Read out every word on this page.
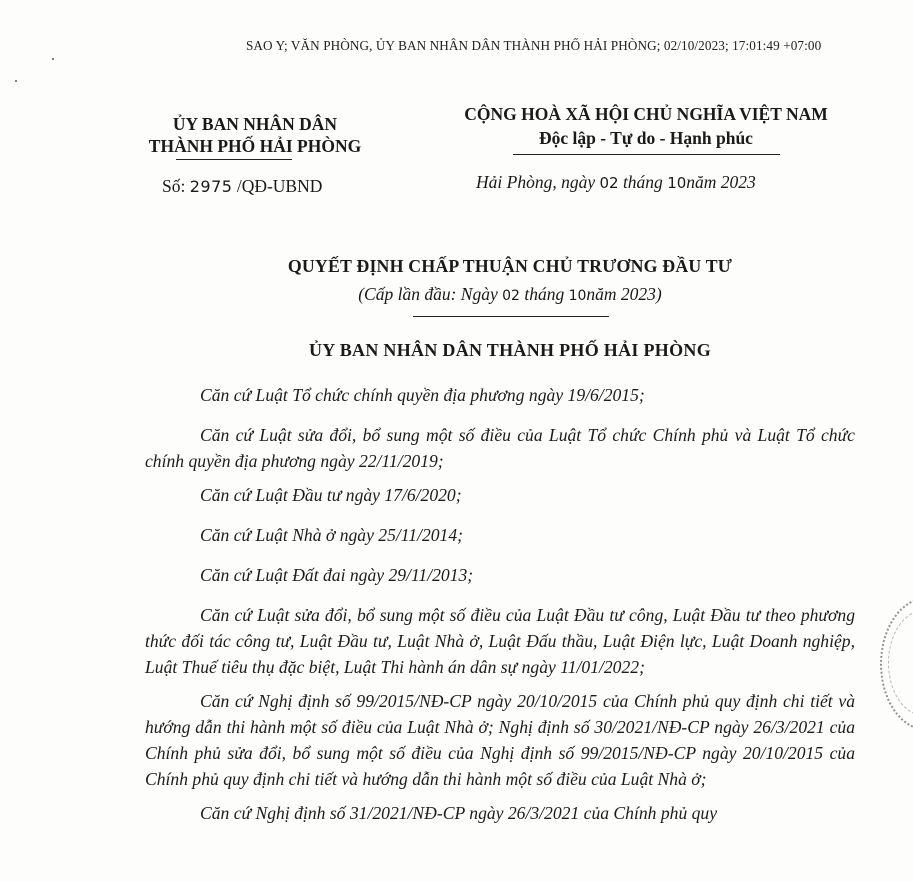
SAO Y; VĂN PHÒNG, ỦY BAN NHÂN DÂN THÀNH PHỐ HẢI PHÒNG; 02/10/2023; 17:01:49 +07:00
ỦY BAN NHÂN DÂN
THÀNH PHỐ HẢI PHÒNG
CỘNG HOÀ XÃ HỘI CHỦ NGHĨA VIỆT NAM
Độc lập - Tự do - Hạnh phúc
Số: 2975 /QĐ-UBND	Hải Phòng, ngày 02 tháng 10năm 2023
QUYẾT ĐỊNH CHẤP THUẬN CHỦ TRƯƠNG ĐẦU TƯ
(Cấp lần đầu: Ngày 02 tháng 10năm 2023)
ỦY BAN NHÂN DÂN THÀNH PHỐ HẢI PHÒNG

Căn cứ Luật Tổ chức chính quyền địa phương ngày 19/6/2015;

Căn cứ Luật sửa đổi, bổ sung một số điều của Luật Tổ chức Chính phủ và Luật Tổ chức chính quyền địa phương ngày 22/11/2019;

Căn cứ Luật Đầu tư ngày 17/6/2020;

Căn cứ Luật Nhà ở ngày 25/11/2014;

Căn cứ Luật Đất đai ngày 29/11/2013;

Căn cứ Luật sửa đổi, bổ sung một số điều của Luật Đầu tư công, Luật Đầu tư theo phương thức đối tác công tư, Luật Đầu tư, Luật Nhà ở, Luật Đấu thầu, Luật Điện lực, Luật Doanh nghiệp, Luật Thuế tiêu thụ đặc biệt, Luật Thi hành án dân sự ngày 11/01/2022;

Căn cứ Nghị định số 99/2015/NĐ-CP ngày 20/10/2015 của Chính phủ quy định chi tiết và hướng dẫn thi hành một số điều của Luật Nhà ở; Nghị định số 30/2021/NĐ-CP ngày 26/3/2021 của Chính phủ sửa đổi, bổ sung một số điều của Nghị định số 99/2015/NĐ-CP ngày 20/10/2015 của Chính phủ quy định chi tiết và hướng dẫn thi hành một số điều của Luật Nhà ở;

Căn cứ Nghị định số 31/2021/NĐ-CP ngày 26/3/2021 của Chính phủ quy
